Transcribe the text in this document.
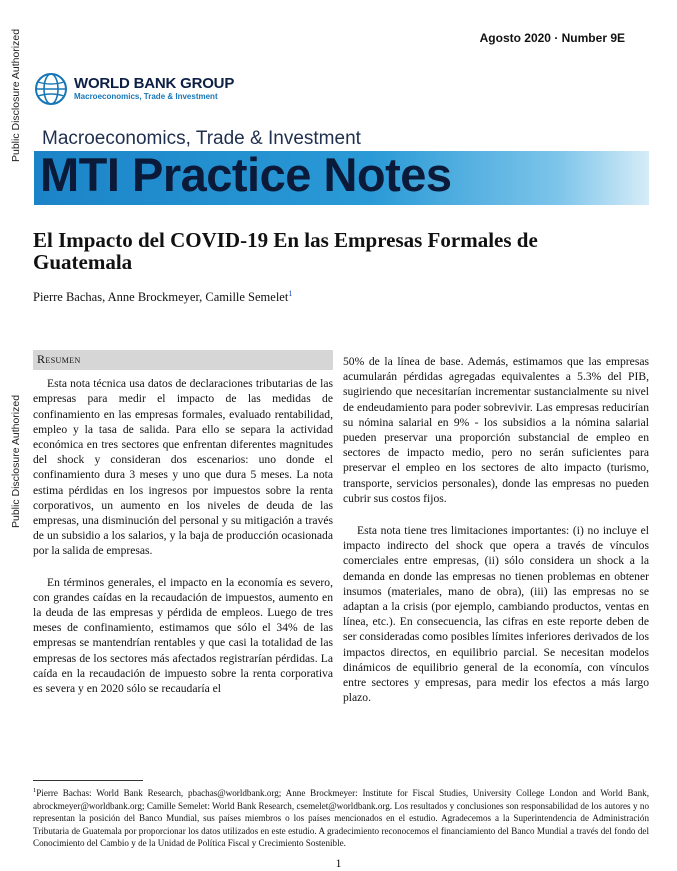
Public Disclosure Authorized
Public Disclosure Authorized
Agosto 2020 · Number 9E
WORLD BANK GROUP
Macroeconomics, Trade & Investment
Macroeconomics, Trade & Investment
MTI Practice Notes
El Impacto del COVID-19 En las Empresas Formales de Guatemala
Pierre Bachas, Anne Brockmeyer, Camille Semelet$^1$
Resumen

Esta nota técnica usa datos de declaraciones tributarias de las empresas para medir el impacto de las medidas de confinamiento en las empresas formales, evaluado rentabilidad, empleo y la tasa de salida. Para ello se separa la actividad económica en tres sectores que enfrentan diferentes magnitudes del shock y consideran dos escenarios: uno donde el confinamiento dura 3 meses y uno que dura 5 meses. La nota estima pérdidas en los ingresos por impuestos sobre la renta corporativos, un aumento en los niveles de deuda de las empresas, una disminución del personal y su mitigación a través de un subsidio a los salarios, y la baja de producción ocasionada por la salida de empresas.

En términos generales, el impacto en la economía es severo, con grandes caídas en la recaudación de impuestos, aumento en la deuda de las empresas y pérdida de empleos. Luego de tres meses de confinamiento, estimamos que sólo el 34% de las empresas se mantendrían rentables y que casi la totalidad de las empresas de los sectores más afectados registrarían pérdidas. La caída en la recaudación de impuesto sobre la renta corporativa es severa y en 2020 sólo se recaudaría el

50% de la línea de base. Además, estimamos que las empresas acumularán pérdidas agregadas equivalentes a 5.3% del PIB, sugiriendo que necesitarían incrementar sustancialmente su nivel de endeudamiento para poder sobrevivir. Las empresas reducirían su nómina salarial en 9% - los subsidios a la nómina salarial pueden preservar una proporción substancial de empleo en sectores de impacto medio, pero no serán suficientes para preservar el empleo en los sectores de alto impacto (turismo, transporte, servicios personales), donde las empresas no pueden cubrir sus costos fijos.

Esta nota tiene tres limitaciones importantes: (i) no incluye el impacto indirecto del shock que opera a través de vínculos comerciales entre empresas, (ii) sólo considera un shock a la demanda en donde las empresas no tienen problemas en obtener insumos (materiales, mano de obra), (iii) las empresas no se adaptan a la crisis (por ejemplo, cambiando productos, ventas en línea, etc.). En consecuencia, las cifras en este reporte deben de ser consideradas como posibles límites inferiores derivados de los impactos directos, en equilibrio parcial. Se necesitan modelos dinámicos de equilibrio general de la economía, con vínculos entre sectores y empresas, para medir los efectos a más largo plazo.

$^1$Pierre Bachas: World Bank Research, pbachas@worldbank.org; Anne Brockmeyer: Institute for Fiscal Studies, University College London and World Bank, abrockmeyer@worldbank.org; Camille Semelet: World Bank Research, csemelet@worldbank.org. Los resultados y conclusiones son responsabilidad de los autores y no representan la posición del Banco Mundial, sus países miembros o los países mencionados en el estudio. Agradecemos a la Superintendencia de Administración Tributaria de Guatemala por proporcionar los datos utilizados en este estudio. A gradecimiento reconocemos el financiamiento del Banco Mundial a través del fondo del Conocimiento del Cambio y de la Unidad de Política Fiscal y Crecimiento Sostenible.
1
